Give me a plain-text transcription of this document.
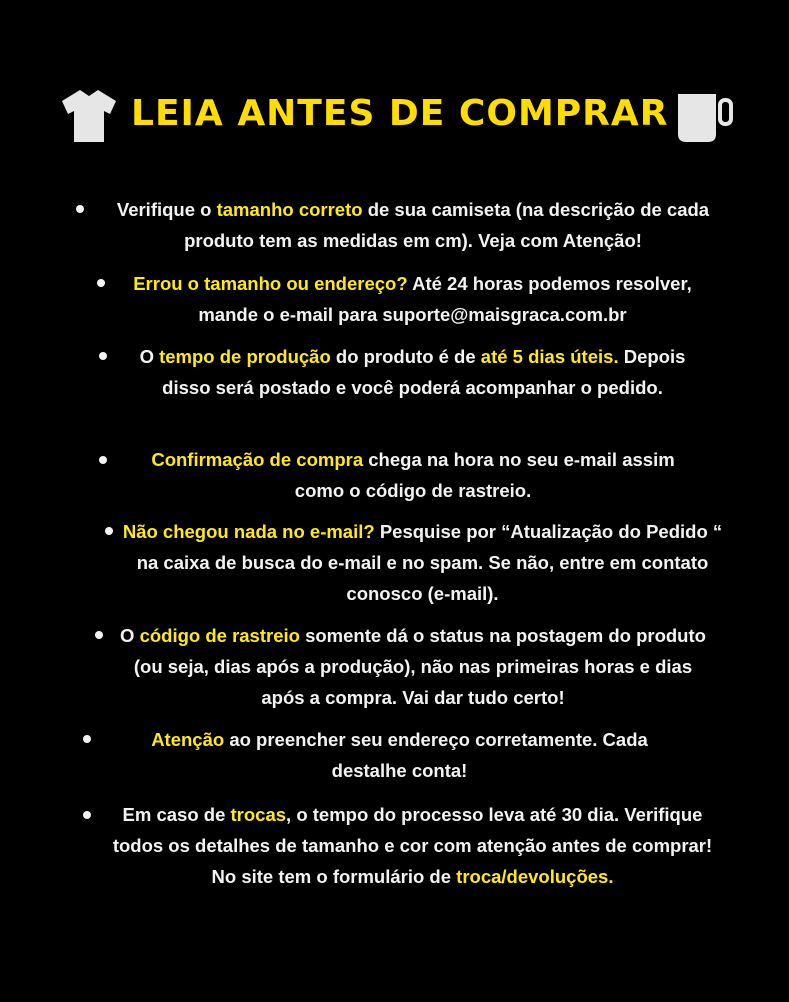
LEIA ANTES DE COMPRAR

Verifique o tamanho correto de sua camiseta (na descrição de cada produto tem as medidas em cm). Veja com Atenção!

Errou o tamanho ou endereço? Até 24 horas podemos resolver, mande o e-mail para suporte@maisgraca.com.br

O tempo de produção do produto é de até 5 dias úteis. Depois disso será postado e você poderá acompanhar o pedido.

Confirmação de compra chega na hora no seu e-mail assim como o código de rastreio.

Não chegou nada no e-mail? Pesquise por “Atualização do Pedido “ na caixa de busca do e-mail e no spam. Se não, entre em contato conosco (e-mail).

O código de rastreio somente dá o status na postagem do produto (ou seja, dias após a produção), não nas primeiras horas e dias após a compra. Vai dar tudo certo!

Atenção ao preencher seu endereço corretamente. Cada destalhe conta!

Em caso de trocas, o tempo do processo leva até 30 dia. Verifique todos os detalhes de tamanho e cor com atenção antes de comprar! No site tem o formulário de troca/devoluções.
